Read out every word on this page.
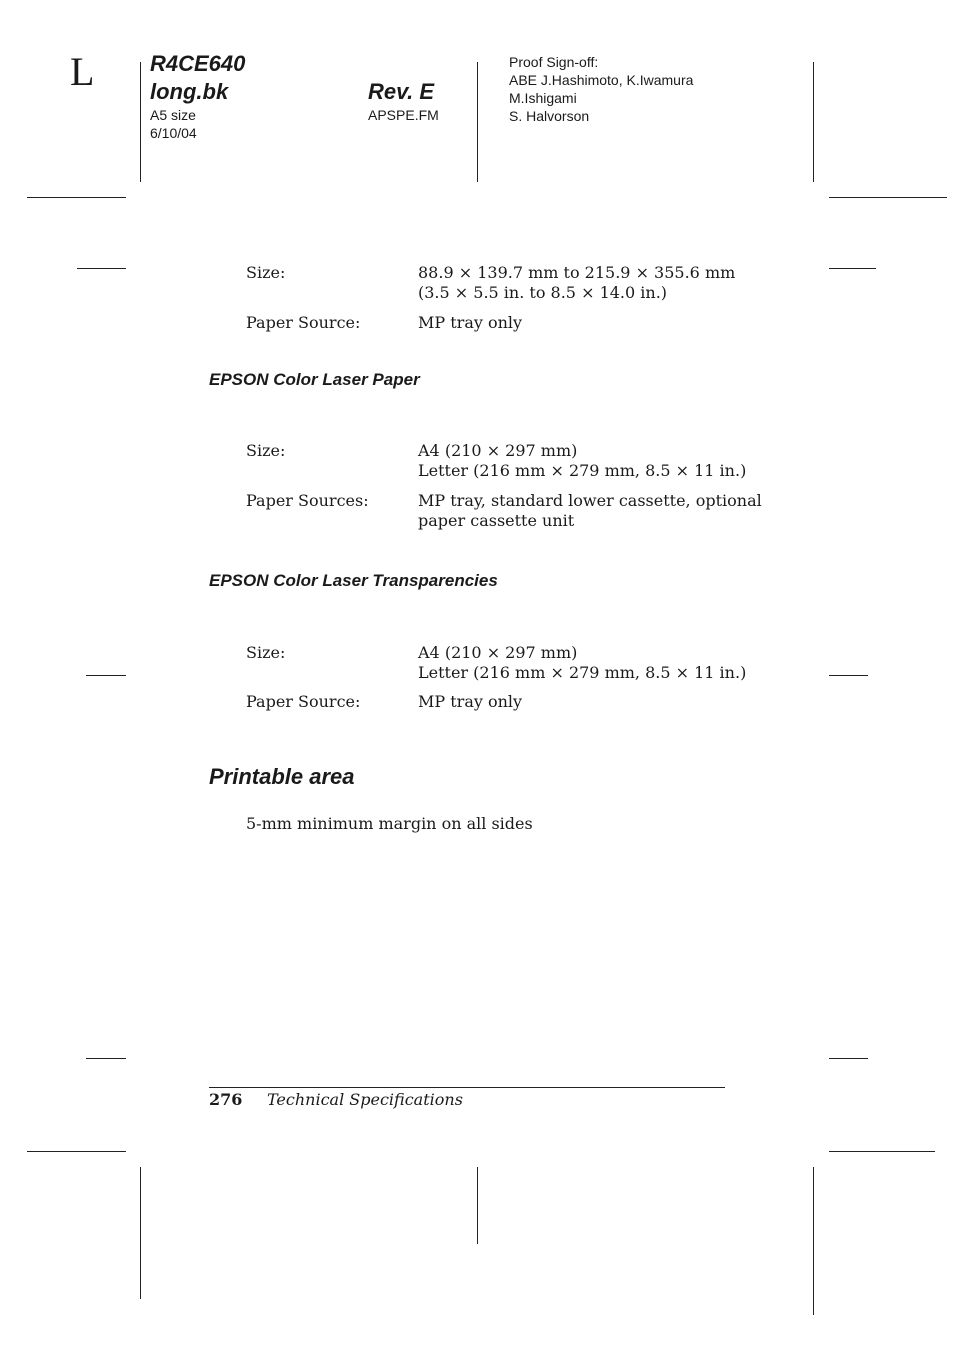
L	R4CE640
long.bk
A5 size
6/10/04
Rev. E
APSPE.FM
Proof Sign-off:
ABE J.Hashimoto, K.Iwamura
M.Ishigami
S. Halvorson
Size:	88.9 × 139.7 mm to 215.9 × 355.6 mm
(3.5 × 5.5 in. to 8.5 × 14.0 in.)
Paper Source:	MP tray only
EPSON Color Laser Paper
Size:	A4 (210 × 297 mm)
Letter (216 mm × 279 mm, 8.5 × 11 in.)
Paper Sources:	MP tray, standard lower cassette, optional
paper cassette unit
EPSON Color Laser Transparencies
Size:	A4 (210 × 297 mm)
Letter (216 mm × 279 mm, 8.5 × 11 in.)
Paper Source:	MP tray only
Printable area
5-mm minimum margin on all sides
276 Technical Specifications
